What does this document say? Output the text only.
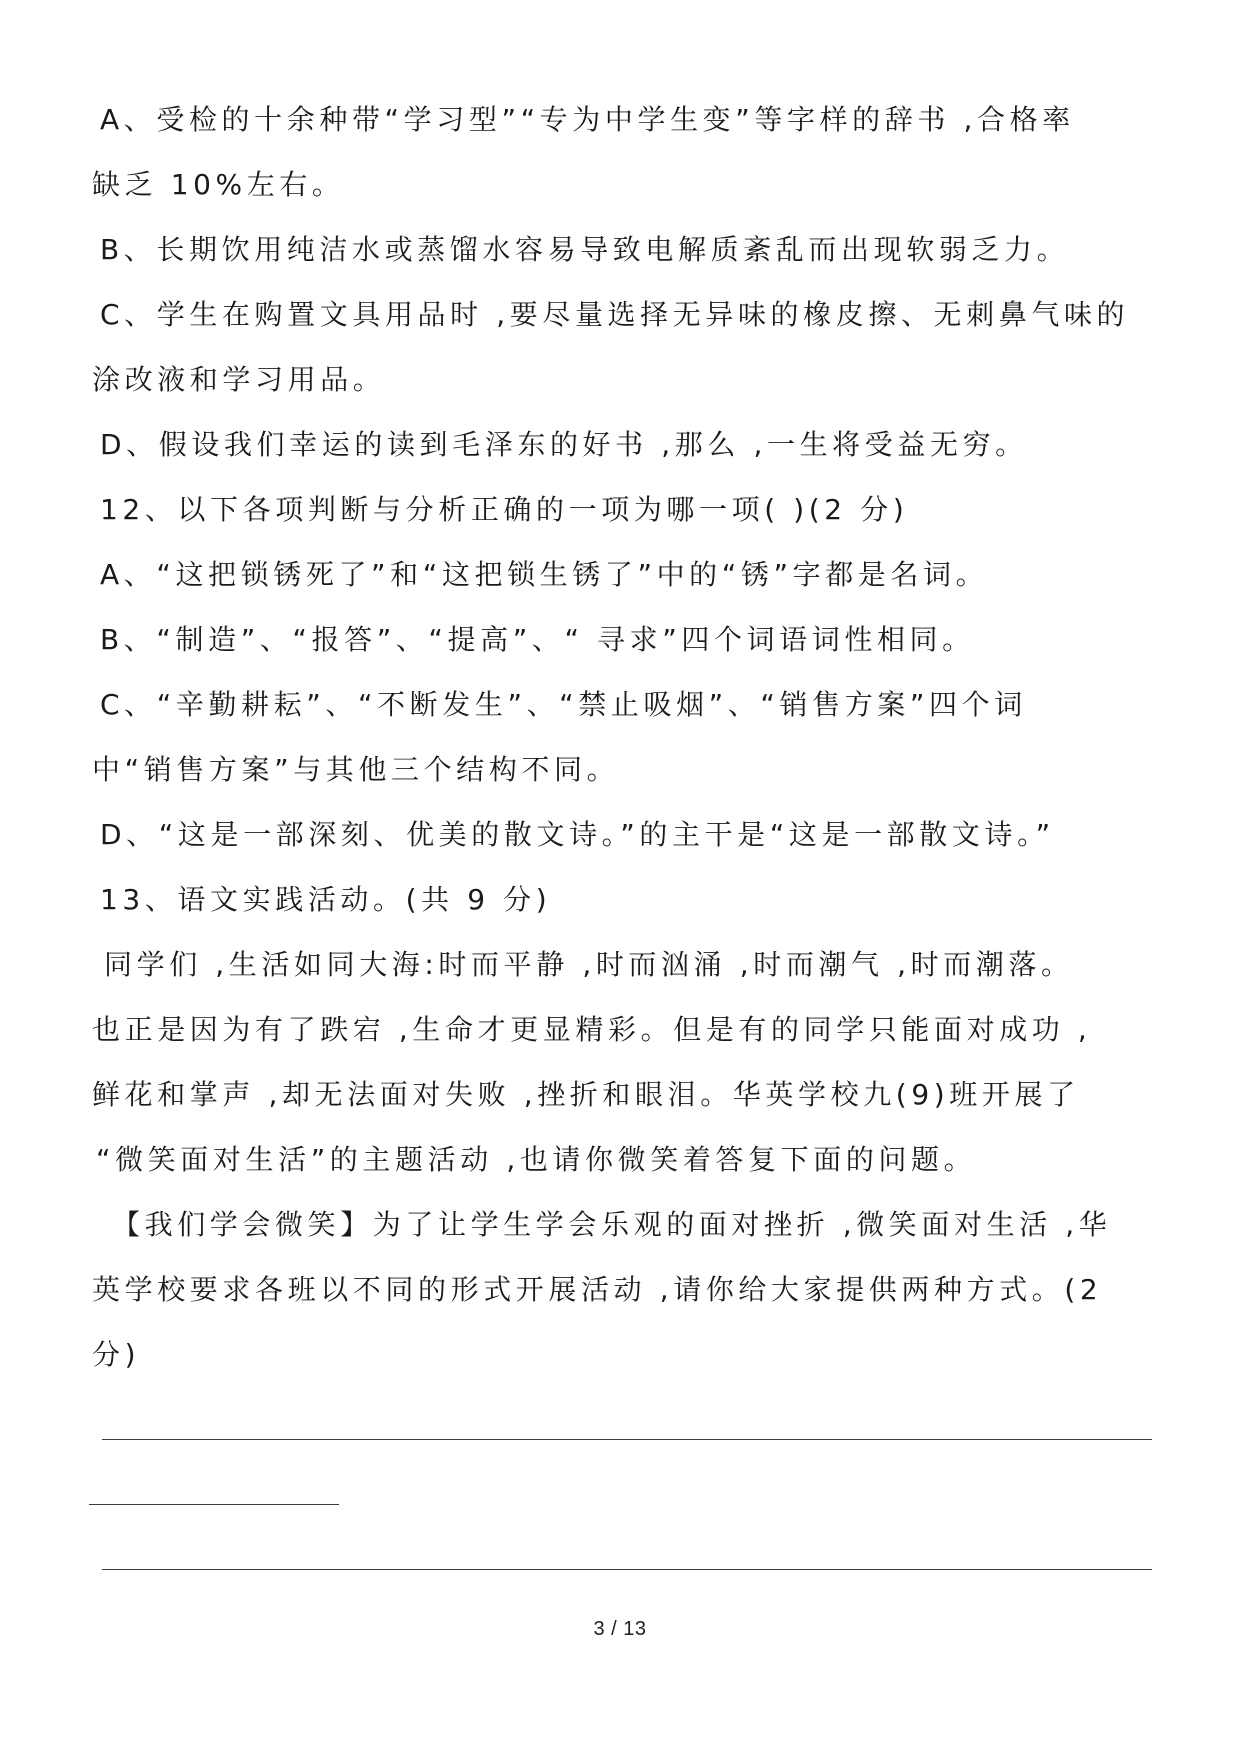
A、受检的十余种带“学习型”“专为中学生变”等字样的辞书 ,合格率
缺乏 10%左右。
B、长期饮用纯洁水或蒸馏水容易导致电解质紊乱而出现软弱乏力。
C、学生在购置文具用品时 ,要尽量选择无异味的橡皮擦、无刺鼻气味的
涂改液和学习用品。
D、假设我们幸运的读到毛泽东的好书 ,那么 ,一生将受益无穷。
12、以下各项判断与分析正确的一项为哪一项( )(2 分)
A、“这把锁锈死了”和“这把锁生锈了”中的“锈”字都是名词。
B、“制造”、“报答”、“提高”、“ 寻求”四个词语词性相同。
C、“辛勤耕耘”、“不断发生”、“禁止吸烟”、“销售方案”四个词
中“销售方案”与其他三个结构不同。
D、“这是一部深刻、优美的散文诗。”的主干是“这是一部散文诗。”
13、语文实践活动。(共 9 分)
同学们 ,生活如同大海:时而平静 ,时而汹涌 ,时而潮气 ,时而潮落。
也正是因为有了跌宕 ,生命才更显精彩。但是有的同学只能面对成功 ,
鲜花和掌声 ,却无法面对失败 ,挫折和眼泪。华英学校九(9)班开展了
“微笑面对生活”的主题活动 ,也请你微笑着答复下面的问题。
【我们学会微笑】为了让学生学会乐观的面对挫折 ,微笑面对生活 ,华
英学校要求各班以不同的形式开展活动 ,请你给大家提供两种方式。(2
分)
3 / 13
